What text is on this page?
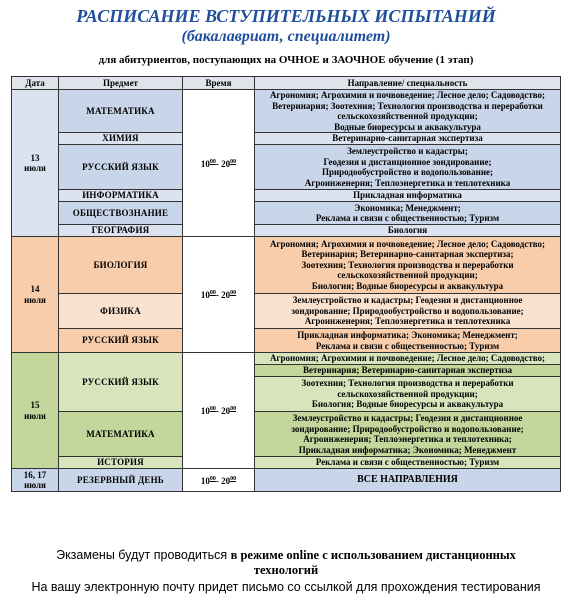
РАСПИСАНИЕ ВСТУПИТЕЛЬНЫХ ИСПЫТАНИЙ
(бакалавриат, специалитет)
для абитуриентов, поступающих на ОЧНОЕ и ЗАОЧНОЕ обучение (1 этап)
Дата	Предмет	Время	Направление/ специальность
13
июля	МАТЕМАТИКА	$10^{00}-$ $20^{00}$	Агрономия; Агрохимия и почвоведение; Лесное дело; Садоводство;
Ветеринария; Зоотехния; Технология производства и переработки
сельскохозяйственной продукции;
Водные биоресурсы и аквакультура
	ХИМИЯ		Ветеринарно-санитарная экспертиза
	РУССКИЙ ЯЗЫК		Землеустройство и кадастры;
Геодезия и дистанционное зондирование;
Природообустройство и водопользование;
Агроинженерия; Теплоэнергетика и теплотехника
	ИНФОРМАТИКА		Прикладная информатика
	ОБЩЕСТВОЗНАНИЕ		Экономика; Менеджмент;
Реклама и связи с общественностью; Туризм
	ГЕОГРАФИЯ		Биология
14
июля	БИОЛОГИЯ	$10^{00}-$ $20^{00}$	Агрономия; Агрохимия и почвоведение; Лесное дело; Садоводство;
Ветеринария; Ветеринарно-санитарная экспертиза;
Зоотехния; Технология производства и переработки
сельскохозяйственной продукции;
Биология; Водные биоресурсы и аквакультура
	ФИЗИКА		Землеустройство и кадастры; Геодезия и дистанционное
зондирование; Природообустройство и водопользование;
Агроинженерия; Теплоэнергетика и теплотехника
	РУССКИЙ ЯЗЫК		Прикладная информатика; Экономика; Менеджмент;
Реклама и связи с общественностью; Туризм
15
июля	РУССКИЙ ЯЗЫК	$10^{00}-$ $20^{00}$	Агрономия; Агрохимия и почвоведение; Лесное дело; Садоводство;
			Ветеринария; Ветеринарно-санитарная экспертиза
			Зоотехния; Технология производства и переработки
сельскохозяйственной продукции;
Биология; Водные биоресурсы и аквакультура
	МАТЕМАТИКА		Землеустройство и кадастры; Геодезия и дистанционное
зондирование; Природообустройство и водопользование;
Агроинженерия; Теплоэнергетика и теплотехника;
Прикладная информатика; Экономика; Менеджмент
	ИСТОРИЯ		Реклама и связи с общественностью; Туризм
16, 17
июля	РЕЗЕРВНЫЙ ДЕНЬ	$10^{00}-$ $20^{00}$	ВСЕ НАПРАВЛЕНИЯ
Экзамены будут проводиться в режиме online с использованием дистанционных
технологий
На вашу электронную почту придет письмо со ссылкой для прохождения тестирования
